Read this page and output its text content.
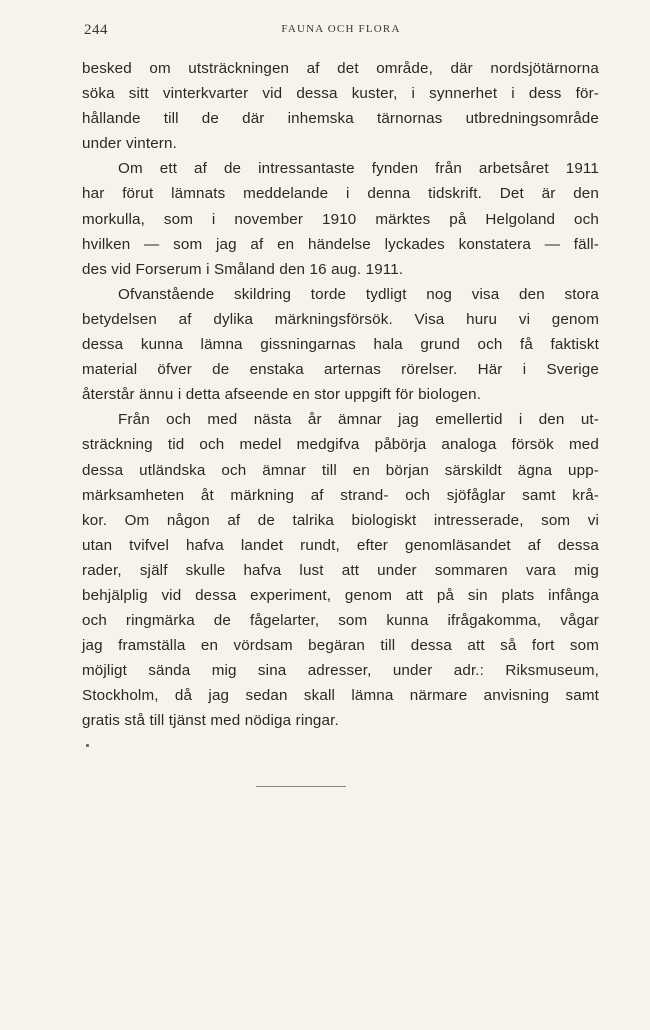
244	FAUNA OCH FLORA
besked om utsträckningen af det område, där nordsjötärnorna
söka sitt vinterkvarter vid dessa kuster, i synnerhet i dess för-
hållande till de där inhemska tärnornas utbredningsområde
under vintern.
Om ett af de intressantaste fynden från arbetsåret 1911
har förut lämnats meddelande i denna tidskrift. Det är den
morkulla, som i november 1910 märktes på Helgoland och
hvilken — som jag af en händelse lyckades konstatera — fäll-
des vid Forserum i Småland den 16 aug. 1911.
Ofvanstående skildring torde tydligt nog visa den stora
betydelsen af dylika märkningsförsök. Visa huru vi genom
dessa kunna lämna gissningarnas hala grund och få faktiskt
material öfver de enstaka arternas rörelser. Här i Sverige
återstår ännu i detta afseende en stor uppgift för biologen.
Från och med nästa år ämnar jag emellertid i den ut-
sträckning tid och medel medgifva påbörja analoga försök med
dessa utländska och ämnar till en början särskildt ägna upp-
märksamheten åt märkning af strand- och sjöfåglar samt krå-
kor. Om någon af de talrika biologiskt intresserade, som vi
utan tvifvel hafva landet rundt, efter genomläsandet af dessa
rader, själf skulle hafva lust att under sommaren vara mig
behjälplig vid dessa experiment, genom att på sin plats infånga
och ringmärka de fågelarter, som kunna ifrågakomma, vågar
jag framställa en vördsam begäran till dessa att så fort som
möjligt sända mig sina adresser, under adr.: Riksmuseum,
Stockholm, då jag sedan skall lämna närmare anvisning samt
gratis stå till tjänst med nödiga ringar.
